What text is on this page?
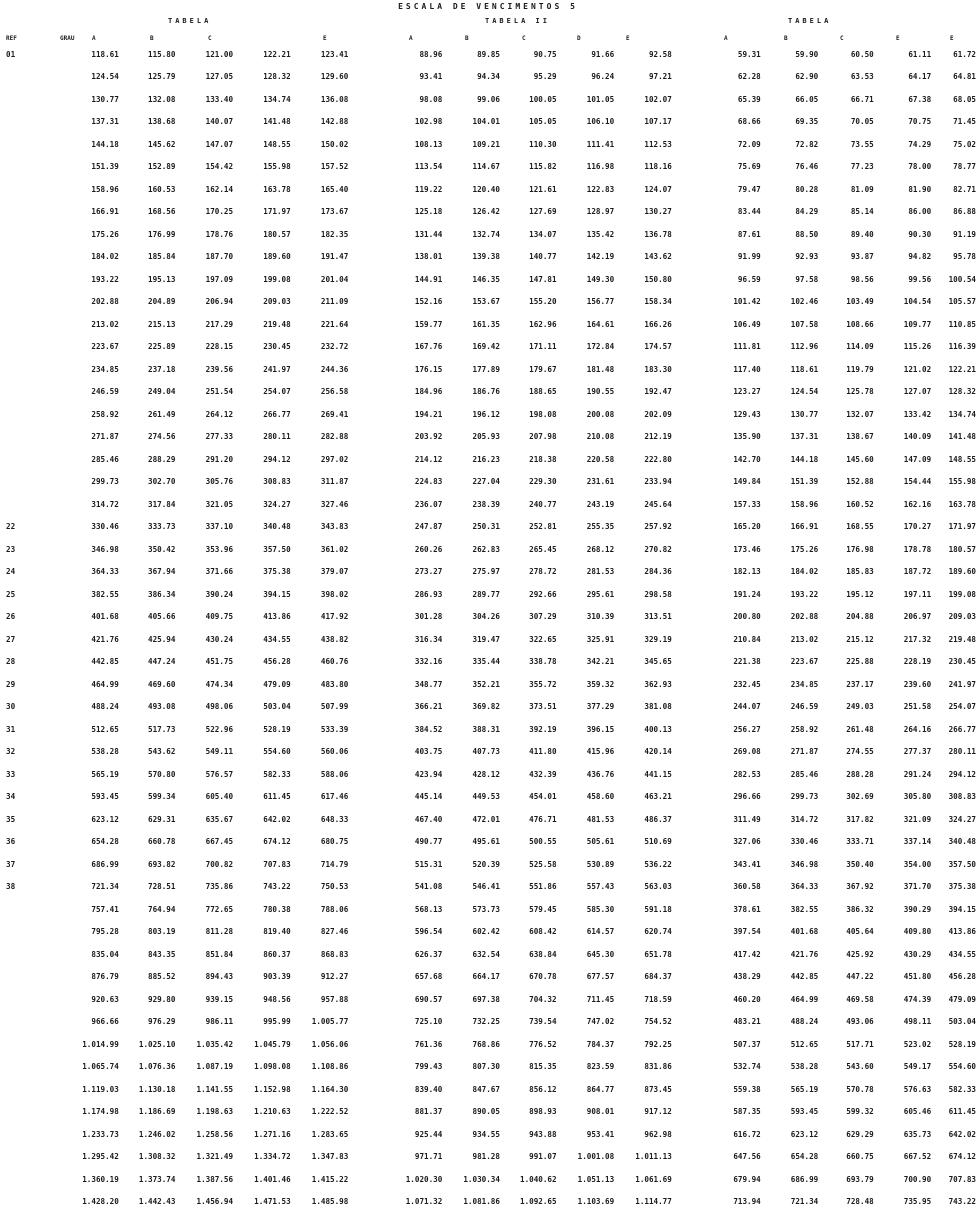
ESCALA DE VENCIMENTOS 5
TABELA	TABELA II	TABELA
REF	GRAU	A	B	C	E	A	B	C	D	E	A	B	C	E	E
01	118.61	115.80	121.00	122.21	123.41	88.96	89.85	90.75	91.66	92.58	59.31	59.90	60.50	61.11	61.72
	124.54	125.79	127.05	128.32	129.60	93.41	94.34	95.29	96.24	97.21	62.28	62.90	63.53	64.17	64.81
	130.77	132.08	133.40	134.74	136.08	98.08	99.06	100.05	101.05	102.07	65.39	66.05	66.71	67.38	68.05
	137.31	138.68	140.07	141.48	142.88	102.98	104.01	105.05	106.10	107.17	68.66	69.35	70.05	70.75	71.45
	144.18	145.62	147.07	148.55	150.02	108.13	109.21	110.30	111.41	112.53	72.09	72.82	73.55	74.29	75.02
	151.39	152.89	154.42	155.98	157.52	113.54	114.67	115.82	116.98	118.16	75.69	76.46	77.23	78.00	78.77
	158.96	160.53	162.14	163.78	165.40	119.22	120.40	121.61	122.83	124.07	79.47	80.28	81.09	81.90	82.71
	166.91	168.56	170.25	171.97	173.67	125.18	126.42	127.69	128.97	130.27	83.44	84.29	85.14	86.00	86.88
	175.26	176.99	178.76	180.57	182.35	131.44	132.74	134.07	135.42	136.78	87.61	88.50	89.40	90.30	91.19
	184.02	185.84	187.70	189.60	191.47	138.01	139.38	140.77	142.19	143.62	91.99	92.93	93.87	94.82	95.78
	193.22	195.13	197.09	199.08	201.04	144.91	146.35	147.81	149.30	150.80	96.59	97.58	98.56	99.56	100.54
	202.88	204.89	206.94	209.03	211.09	152.16	153.67	155.20	156.77	158.34	101.42	102.46	103.49	104.54	105.57
	213.02	215.13	217.29	219.48	221.64	159.77	161.35	162.96	164.61	166.26	106.49	107.58	108.66	109.77	110.85
	223.67	225.89	228.15	230.45	232.72	167.76	169.42	171.11	172.84	174.57	111.81	112.96	114.09	115.26	116.39
	234.85	237.18	239.56	241.97	244.36	176.15	177.89	179.67	181.48	183.30	117.40	118.61	119.79	121.02	122.21
	246.59	249.04	251.54	254.07	256.58	184.96	186.76	188.65	190.55	192.47	123.27	124.54	125.78	127.07	128.32
	258.92	261.49	264.12	266.77	269.41	194.21	196.12	198.08	200.08	202.09	129.43	130.77	132.07	133.42	134.74
	271.87	274.56	277.33	280.11	282.88	203.92	205.93	207.98	210.08	212.19	135.90	137.31	138.67	140.09	141.48
	285.46	288.29	291.20	294.12	297.02	214.12	216.23	218.38	220.58	222.80	142.70	144.18	145.60	147.09	148.55
	299.73	302.70	305.76	308.83	311.87	224.83	227.04	229.30	231.61	233.94	149.84	151.39	152.88	154.44	155.98
	314.72	317.84	321.05	324.27	327.46	236.07	238.39	240.77	243.19	245.64	157.33	158.96	160.52	162.16	163.78
22	330.46	333.73	337.10	340.48	343.83	247.87	250.31	252.81	255.35	257.92	165.20	166.91	168.55	170.27	171.97
23	346.98	350.42	353.96	357.50	361.02	260.26	262.83	265.45	268.12	270.82	173.46	175.26	176.98	178.78	180.57
24	364.33	367.94	371.66	375.38	379.07	273.27	275.97	278.72	281.53	284.36	182.13	184.02	185.83	187.72	189.60
25	382.55	386.34	390.24	394.15	398.02	286.93	289.77	292.66	295.61	298.58	191.24	193.22	195.12	197.11	199.08
26	401.68	405.66	409.75	413.86	417.92	301.28	304.26	307.29	310.39	313.51	200.80	202.88	204.88	206.97	209.03
27	421.76	425.94	430.24	434.55	438.82	316.34	319.47	322.65	325.91	329.19	210.84	213.02	215.12	217.32	219.48
28	442.85	447.24	451.75	456.28	460.76	332.16	335.44	338.78	342.21	345.65	221.38	223.67	225.88	228.19	230.45
29	464.99	469.60	474.34	479.09	483.80	348.77	352.21	355.72	359.32	362.93	232.45	234.85	237.17	239.60	241.97
30	488.24	493.08	498.06	503.04	507.99	366.21	369.82	373.51	377.29	381.08	244.07	246.59	249.03	251.58	254.07
31	512.65	517.73	522.96	528.19	533.39	384.52	388.31	392.19	396.15	400.13	256.27	258.92	261.48	264.16	266.77
32	538.28	543.62	549.11	554.60	560.06	403.75	407.73	411.80	415.96	420.14	269.08	271.87	274.55	277.37	280.11
33	565.19	570.80	576.57	582.33	588.06	423.94	428.12	432.39	436.76	441.15	282.53	285.46	288.28	291.24	294.12
34	593.45	599.34	605.40	611.45	617.46	445.14	449.53	454.01	458.60	463.21	296.66	299.73	302.69	305.80	308.83
35	623.12	629.31	635.67	642.02	648.33	467.40	472.01	476.71	481.53	486.37	311.49	314.72	317.82	321.09	324.27
36	654.28	660.78	667.45	674.12	680.75	490.77	495.61	500.55	505.61	510.69	327.06	330.46	333.71	337.14	340.48
37	686.99	693.82	700.82	707.83	714.79	515.31	520.39	525.58	530.89	536.22	343.41	346.98	350.40	354.00	357.50
38	721.34	728.51	735.86	743.22	750.53	541.08	546.41	551.86	557.43	563.03	360.58	364.33	367.92	371.70	375.38
	757.41	764.94	772.65	780.38	788.06	568.13	573.73	579.45	585.30	591.18	378.61	382.55	386.32	390.29	394.15
	795.28	803.19	811.28	819.40	827.46	596.54	602.42	608.42	614.57	620.74	397.54	401.68	405.64	409.80	413.86
	835.04	843.35	851.84	860.37	868.83	626.37	632.54	638.84	645.30	651.78	417.42	421.76	425.92	430.29	434.55
	876.79	885.52	894.43	903.39	912.27	657.68	664.17	670.78	677.57	684.37	438.29	442.85	447.22	451.80	456.28
	920.63	929.80	939.15	948.56	957.88	690.57	697.38	704.32	711.45	718.59	460.20	464.99	469.58	474.39	479.09
	966.66	976.29	986.11	995.99	1.005.77	725.10	732.25	739.54	747.02	754.52	483.21	488.24	493.06	498.11	503.04
	1.014.99	1.025.10	1.035.42	1.045.79	1.056.06	761.36	768.86	776.52	784.37	792.25	507.37	512.65	517.71	523.02	528.19
	1.065.74	1.076.36	1.087.19	1.098.08	1.108.86	799.43	807.30	815.35	823.59	831.86	532.74	538.28	543.60	549.17	554.60
	1.119.03	1.130.18	1.141.55	1.152.98	1.164.30	839.40	847.67	856.12	864.77	873.45	559.38	565.19	570.78	576.63	582.33
	1.174.98	1.186.69	1.198.63	1.210.63	1.222.52	881.37	890.05	898.93	908.01	917.12	587.35	593.45	599.32	605.46	611.45
	1.233.73	1.246.02	1.258.56	1.271.16	1.283.65	925.44	934.55	943.88	953.41	962.98	616.72	623.12	629.29	635.73	642.02
	1.295.42	1.308.32	1.321.49	1.334.72	1.347.83	971.71	981.28	991.07	1.001.08	1.011.13	647.56	654.28	660.75	667.52	674.12
	1.360.19	1.373.74	1.387.56	1.401.46	1.415.22	1.020.30	1.030.34	1.040.62	1.051.13	1.061.69	679.94	686.99	693.79	700.90	707.83
	1.428.20	1.442.43	1.456.94	1.471.53	1.485.98	1.071.32	1.081.86	1.092.65	1.103.69	1.114.77	713.94	721.34	728.48	735.95	743.22
